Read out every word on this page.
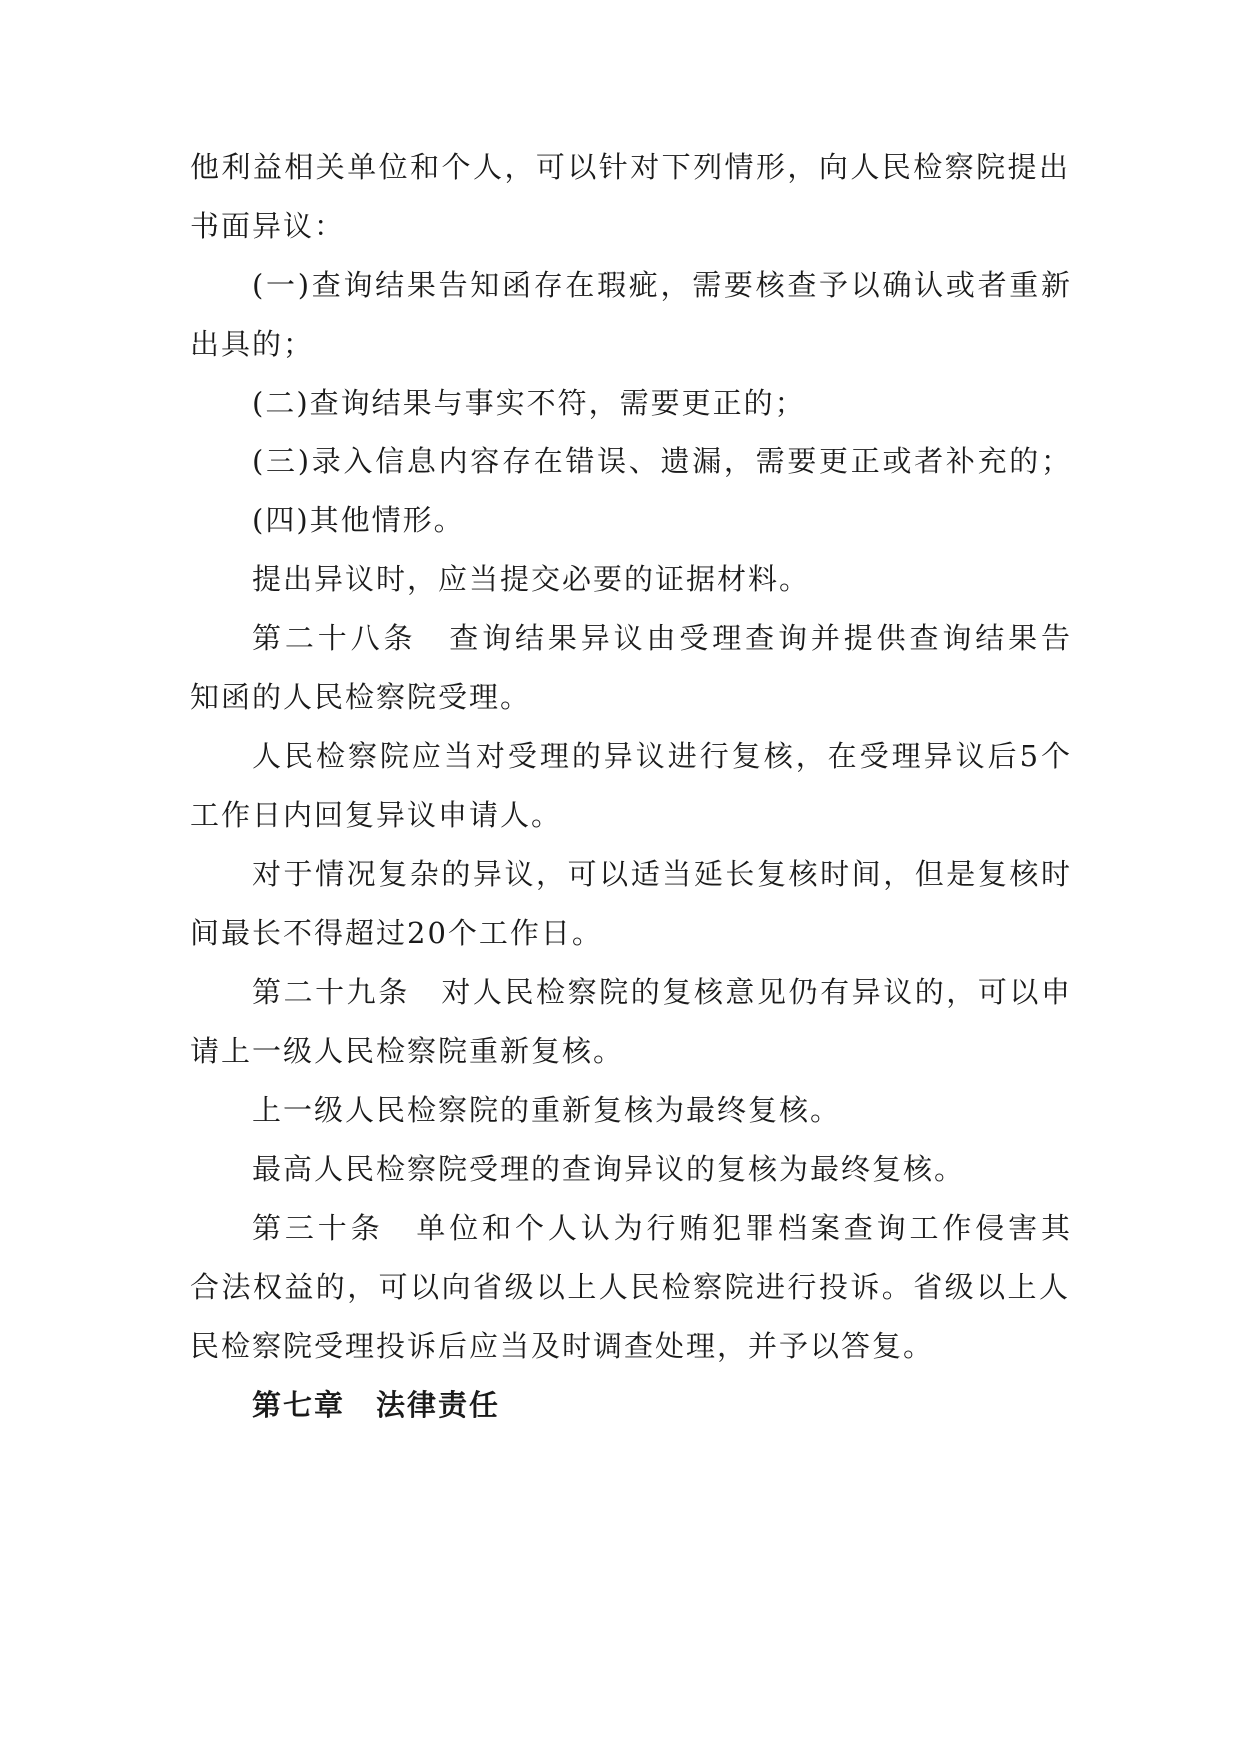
他利益相关单位和个人，可以针对下列情形，向人民检察院提出
书面异议：
(一)查询结果告知函存在瑕疵，需要核查予以确认或者重新
出具的；
(二)查询结果与事实不符，需要更正的；
(三)录入信息内容存在错误、遗漏，需要更正或者补充的；
(四)其他情形。
提出异议时，应当提交必要的证据材料。
第二十八条　查询结果异议由受理查询并提供查询结果告
知函的人民检察院受理。
人民检察院应当对受理的异议进行复核，在受理异议后5个
工作日内回复异议申请人。
对于情况复杂的异议，可以适当延长复核时间，但是复核时
间最长不得超过20个工作日。
第二十九条　对人民检察院的复核意见仍有异议的，可以申
请上一级人民检察院重新复核。
上一级人民检察院的重新复核为最终复核。
最高人民检察院受理的查询异议的复核为最终复核。
第三十条　单位和个人认为行贿犯罪档案查询工作侵害其
合法权益的，可以向省级以上人民检察院进行投诉。省级以上人
民检察院受理投诉后应当及时调查处理，并予以答复。
第七章　法律责任
